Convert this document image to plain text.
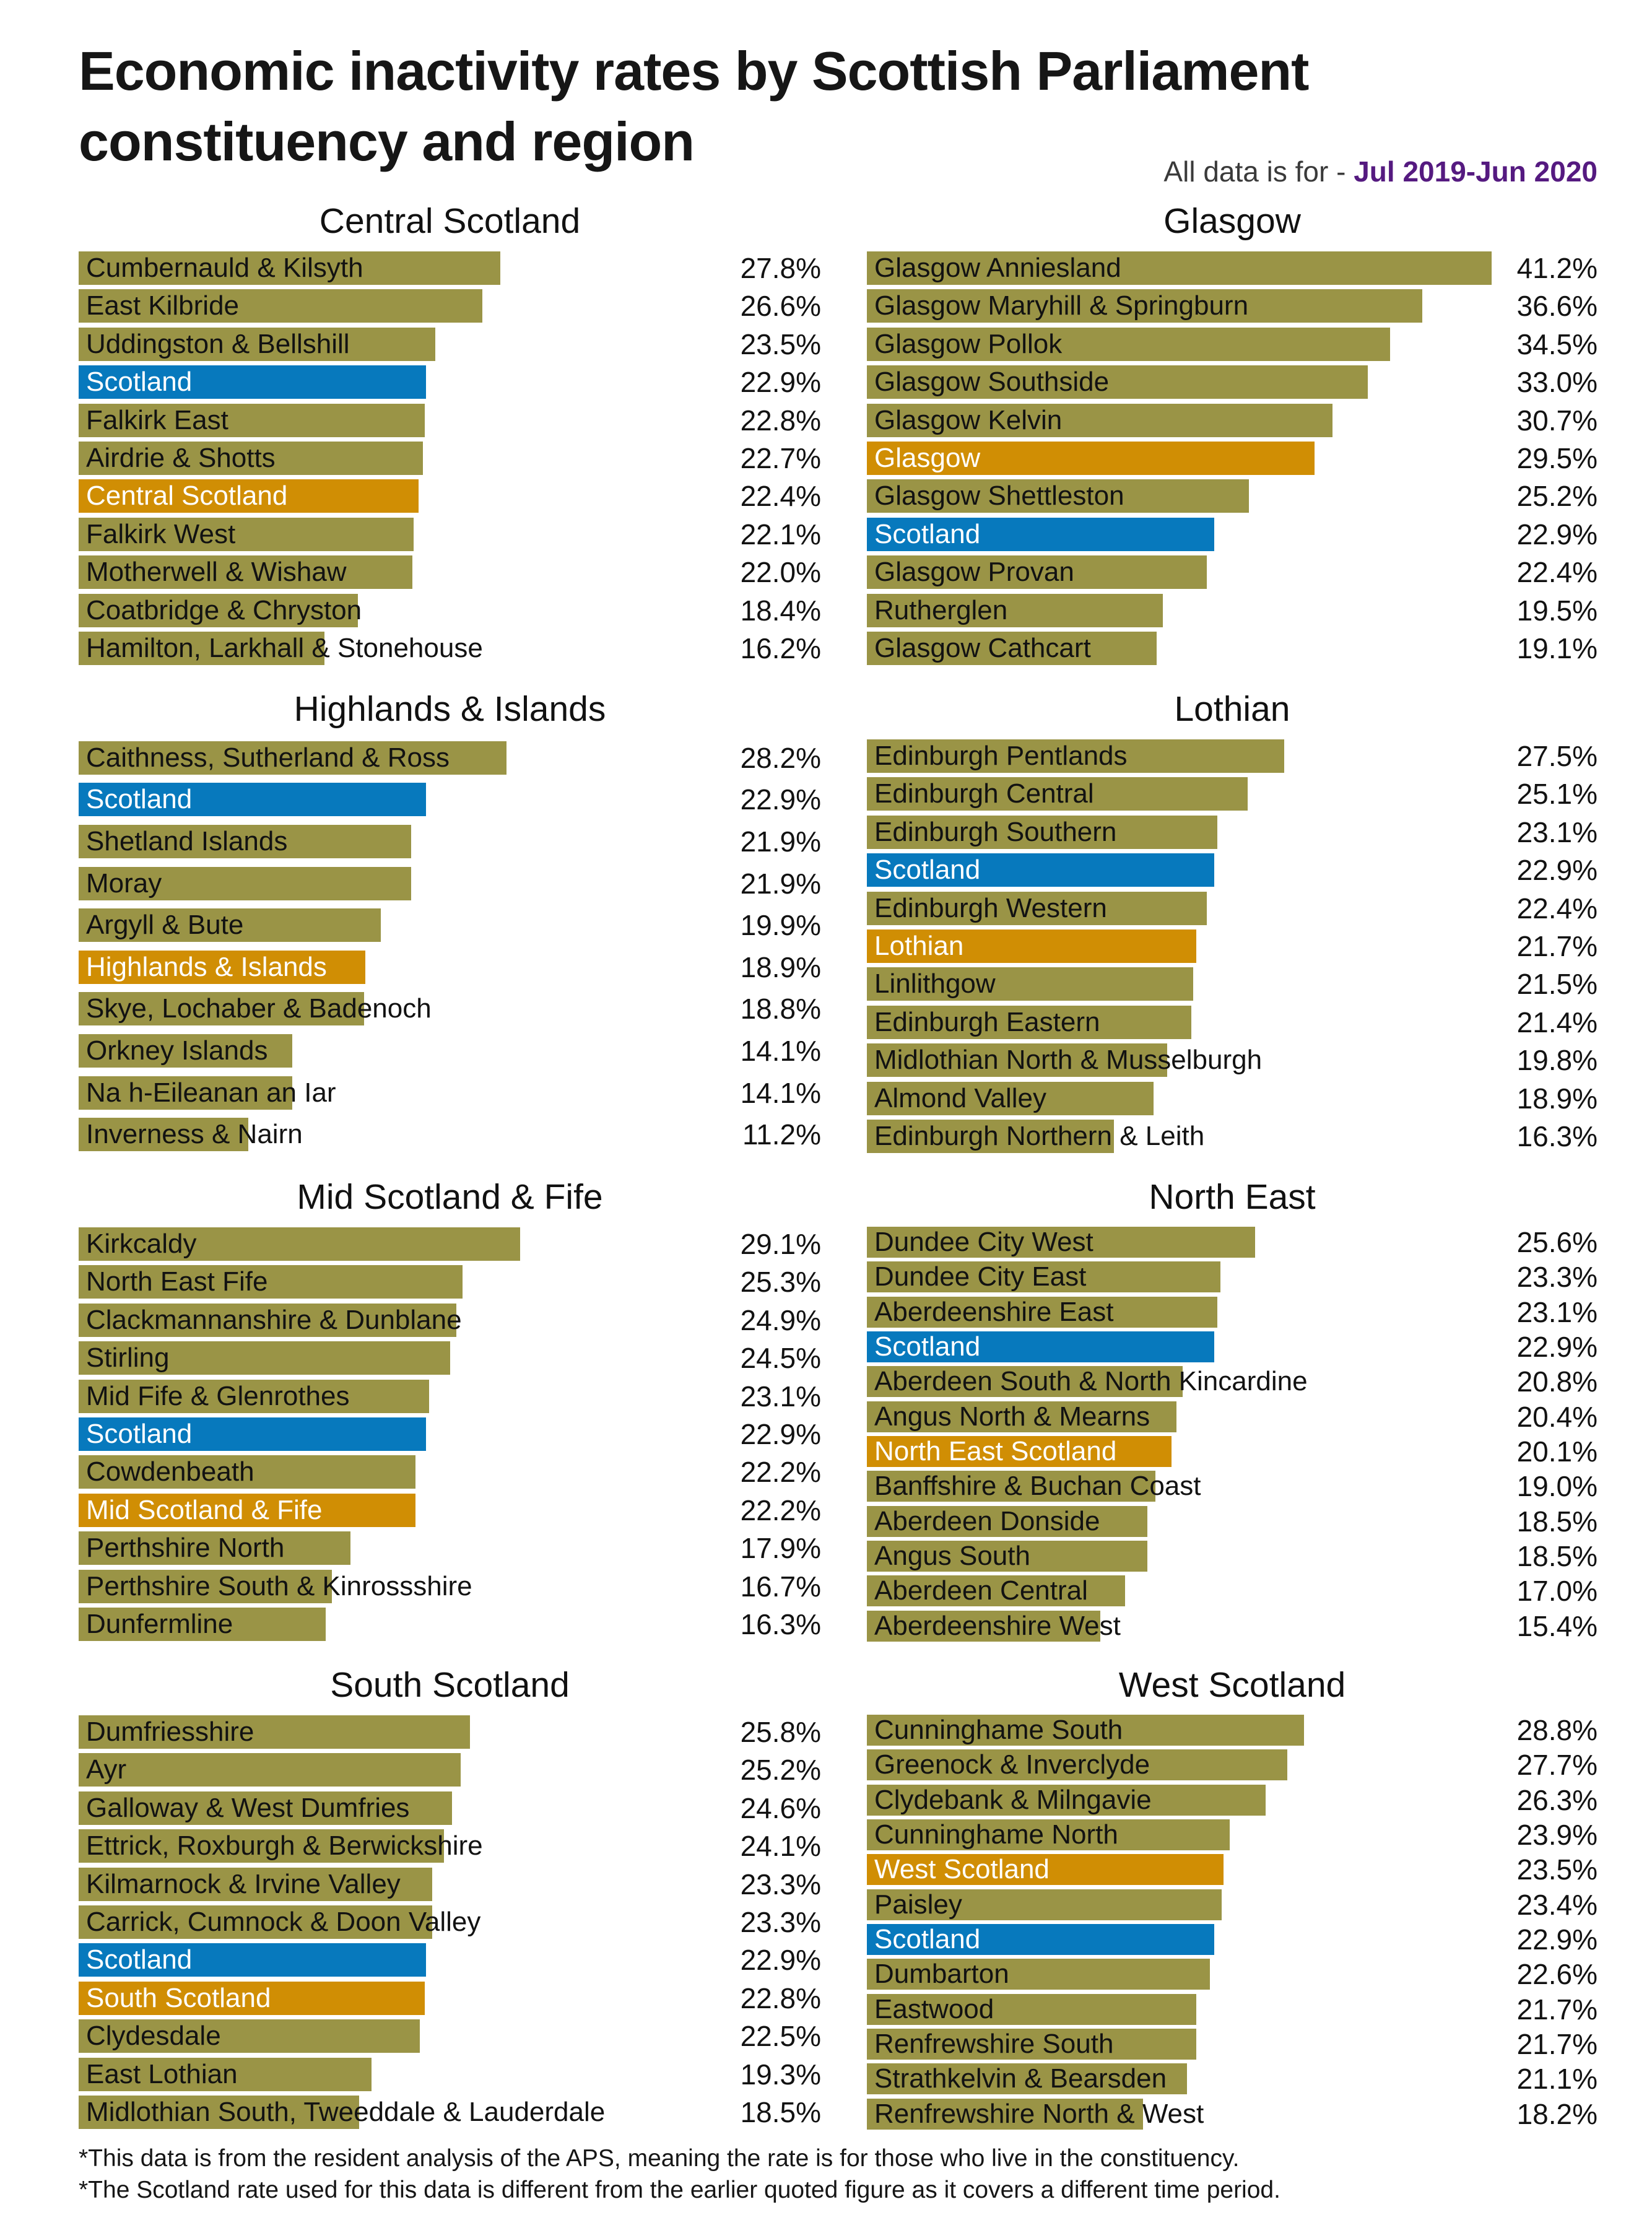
Economic inactivity rates by Scottish Parliament
constituency and region	All data is for - Jul 2019-Jun 2020
Central Scotland
Cumbernauld & Kilsyth	27.8%
East Kilbride	26.6%
Uddingston & Bellshill	23.5%
Scotland	22.9%
Falkirk East	22.8%
Airdrie & Shotts	22.7%
Central Scotland	22.4%
Falkirk West	22.1%
Motherwell & Wishaw	22.0%
Coatbridge & Chryston	18.4%
Hamilton, Larkhall & Stonehouse	16.2%
Glasgow
Glasgow Anniesland	41.2%
Glasgow Maryhill & Springburn	36.6%
Glasgow Pollok	34.5%
Glasgow Southside	33.0%
Glasgow Kelvin	30.7%
Glasgow	29.5%
Glasgow Shettleston	25.2%
Scotland	22.9%
Glasgow Provan	22.4%
Rutherglen	19.5%
Glasgow Cathcart	19.1%
Highlands & Islands
Caithness, Sutherland & Ross	28.2%
Scotland	22.9%
Shetland Islands	21.9%
Moray	21.9%
Argyll & Bute	19.9%
Highlands & Islands	18.9%
Skye, Lochaber & Badenoch	18.8%
Orkney Islands	14.1%
Na h-Eileanan an Iar	14.1%
Inverness & Nairn	11.2%
Lothian
Edinburgh Pentlands	27.5%
Edinburgh Central	25.1%
Edinburgh Southern	23.1%
Scotland	22.9%
Edinburgh Western	22.4%
Lothian	21.7%
Linlithgow	21.5%
Edinburgh Eastern	21.4%
Midlothian North & Musselburgh	19.8%
Almond Valley	18.9%
Edinburgh Northern & Leith	16.3%
Mid Scotland & Fife
Kirkcaldy	29.1%
North East Fife	25.3%
Clackmannanshire & Dunblane	24.9%
Stirling	24.5%
Mid Fife & Glenrothes	23.1%
Scotland	22.9%
Cowdenbeath	22.2%
Mid Scotland & Fife	22.2%
Perthshire North	17.9%
Perthshire South & Kinrossshire	16.7%
Dunfermline	16.3%
North East
Dundee City West	25.6%
Dundee City East	23.3%
Aberdeenshire East	23.1%
Scotland	22.9%
Aberdeen South & North Kincardine	20.8%
Angus North & Mearns	20.4%
North East Scotland	20.1%
Banffshire & Buchan Coast	19.0%
Aberdeen Donside	18.5%
Angus South	18.5%
Aberdeen Central	17.0%
Aberdeenshire West	15.4%
South Scotland
Dumfriesshire	25.8%
Ayr	25.2%
Galloway & West Dumfries	24.6%
Ettrick, Roxburgh & Berwickshire	24.1%
Kilmarnock & Irvine Valley	23.3%
Carrick, Cumnock & Doon Valley	23.3%
Scotland	22.9%
South Scotland	22.8%
Clydesdale	22.5%
East Lothian	19.3%
Midlothian South, Tweeddale & Lauderdale	18.5%
West Scotland
Cunninghame South	28.8%
Greenock & Inverclyde	27.7%
Clydebank & Milngavie	26.3%
Cunninghame North	23.9%
West Scotland	23.5%
Paisley	23.4%
Scotland	22.9%
Dumbarton	22.6%
Eastwood	21.7%
Renfrewshire South	21.7%
Strathkelvin & Bearsden	21.1%
Renfrewshire North & West	18.2%
*This data is from the resident analysis of the APS, meaning the rate is for those who live in the constituency.
*The Scotland rate used for this data is different from the earlier quoted figure as it covers a different time period.
